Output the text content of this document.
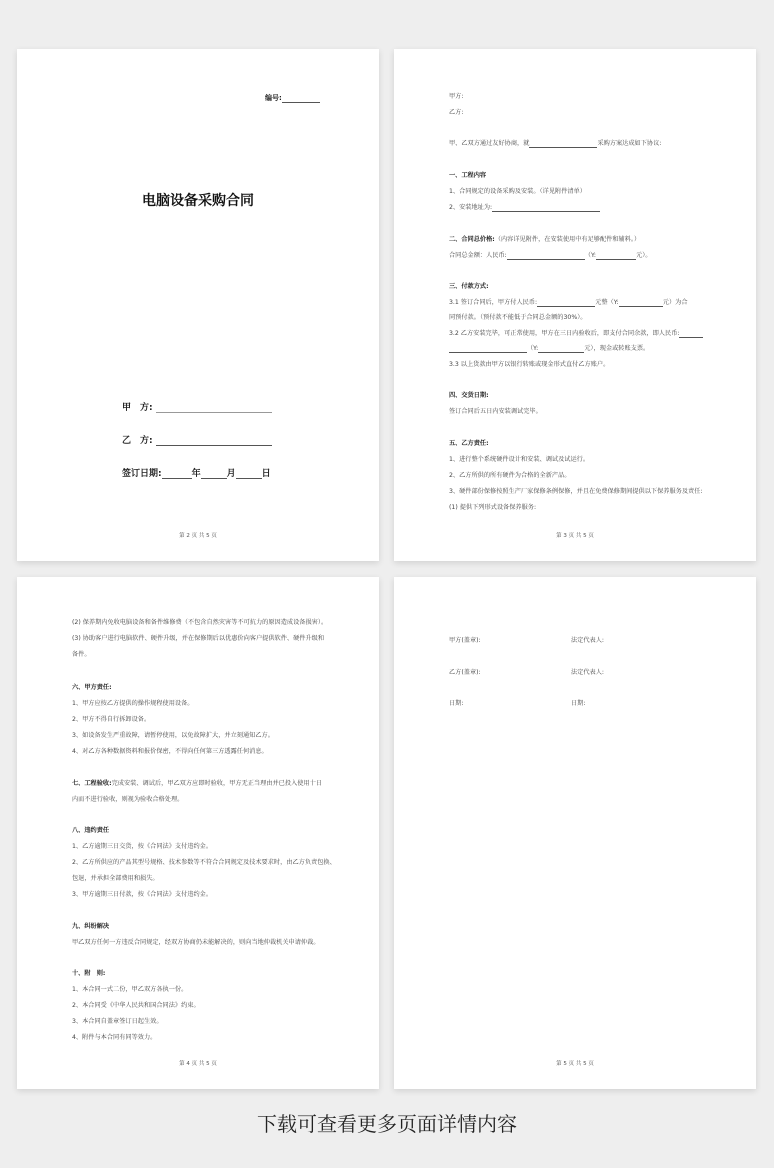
编号:
电脑设备采购合同
甲　方:
乙　方:
签订日期:	年	月	日
第 2 页 共 5 页
甲方:
乙方:
甲、乙双方通过友好协商，就	采购方案达成如下协议:
一、工程内容
1、合同规定的设备采购及安装。（详见附件清单）
2、安装地址为:
二、合同总价格:（内容详见附件，在安装使用中有足够配件和辅料。）
合同总金额：人民币:	（Y:	元）。
三、付款方式:
3.1 签订合同后，甲方付人民币:	元整（Y:	元）为合
同预付款。（预付款不能低于合同总金额的30%）。
3.2 乙方安装完毕，可正常使用，甲方在三日内验收后，即支付合同余款，即人民币:
（Y:	元），现金或转账支票。
3.3 以上货款由甲方以银行转账或现金形式直付乙方账户。
四、交货日期:
签订合同后五日内安装调试完毕。
五、乙方责任:
1、进行整个系统硬件设计和安装、调试及试运行。
2、乙方所供的所有硬件为合格的全新产品。
3、硬件部份保修按照生产厂家保修条例保修，并且在免费保修期间提供以下保养服务及责任:
(1) 提供下列形式设备保养服务:
第 3 页 共 5 页
(2) 保养期内免收电脑设备和备件维修费（不包含自然灾害等不可抗力的原因造成设备损害）。
(3) 协助客户进行电脑软件、硬件升级，并在保修期后以优惠价向客户提供软件、硬件升级和
备件。
六、甲方责任:
1、甲方应按乙方提供的操作规程使用设备。
2、甲方不得自行拆卸设备。
3、如设备发生严重故障，请暂停使用，以免故障扩大，并立刻通知乙方。
4、对乙方各种数据资料和报价保密，不得向任何第三方透露任何消息。
七、工程验收:完成安装、调试后，甲乙双方应即时验收，甲方无正当理由并已投入使用十日
内而不进行验收，则视为验收合格处理。
八、违约责任
1、乙方逾期三日交货，按《合同法》支付违约金。
2、乙方所供应的产品其型号规格、技术参数等不符合合同规定及技术要求时，由乙方负责包换、
包退，并承担全部费用和损失。
3、甲方逾期三日付款，按《合同法》支付违约金。
九、纠纷解决
甲乙双方任何一方违反合同规定，经双方协商仍未能解决的，则向当地仲裁机关申请仲裁。
十、附　则:
1、本合同一式二份，甲乙双方各执一份。
2、本合同受《中华人民共和国合同法》约束。
3、本合同自盖章签订日起生效。
4、附件与本合同有同等效力。
第 4 页 共 5 页
甲方(盖章):	法定代表人:
乙方(盖章):	法定代表人:
日期:	日期:
第 5 页 共 5 页
下载可查看更多页面详情内容
